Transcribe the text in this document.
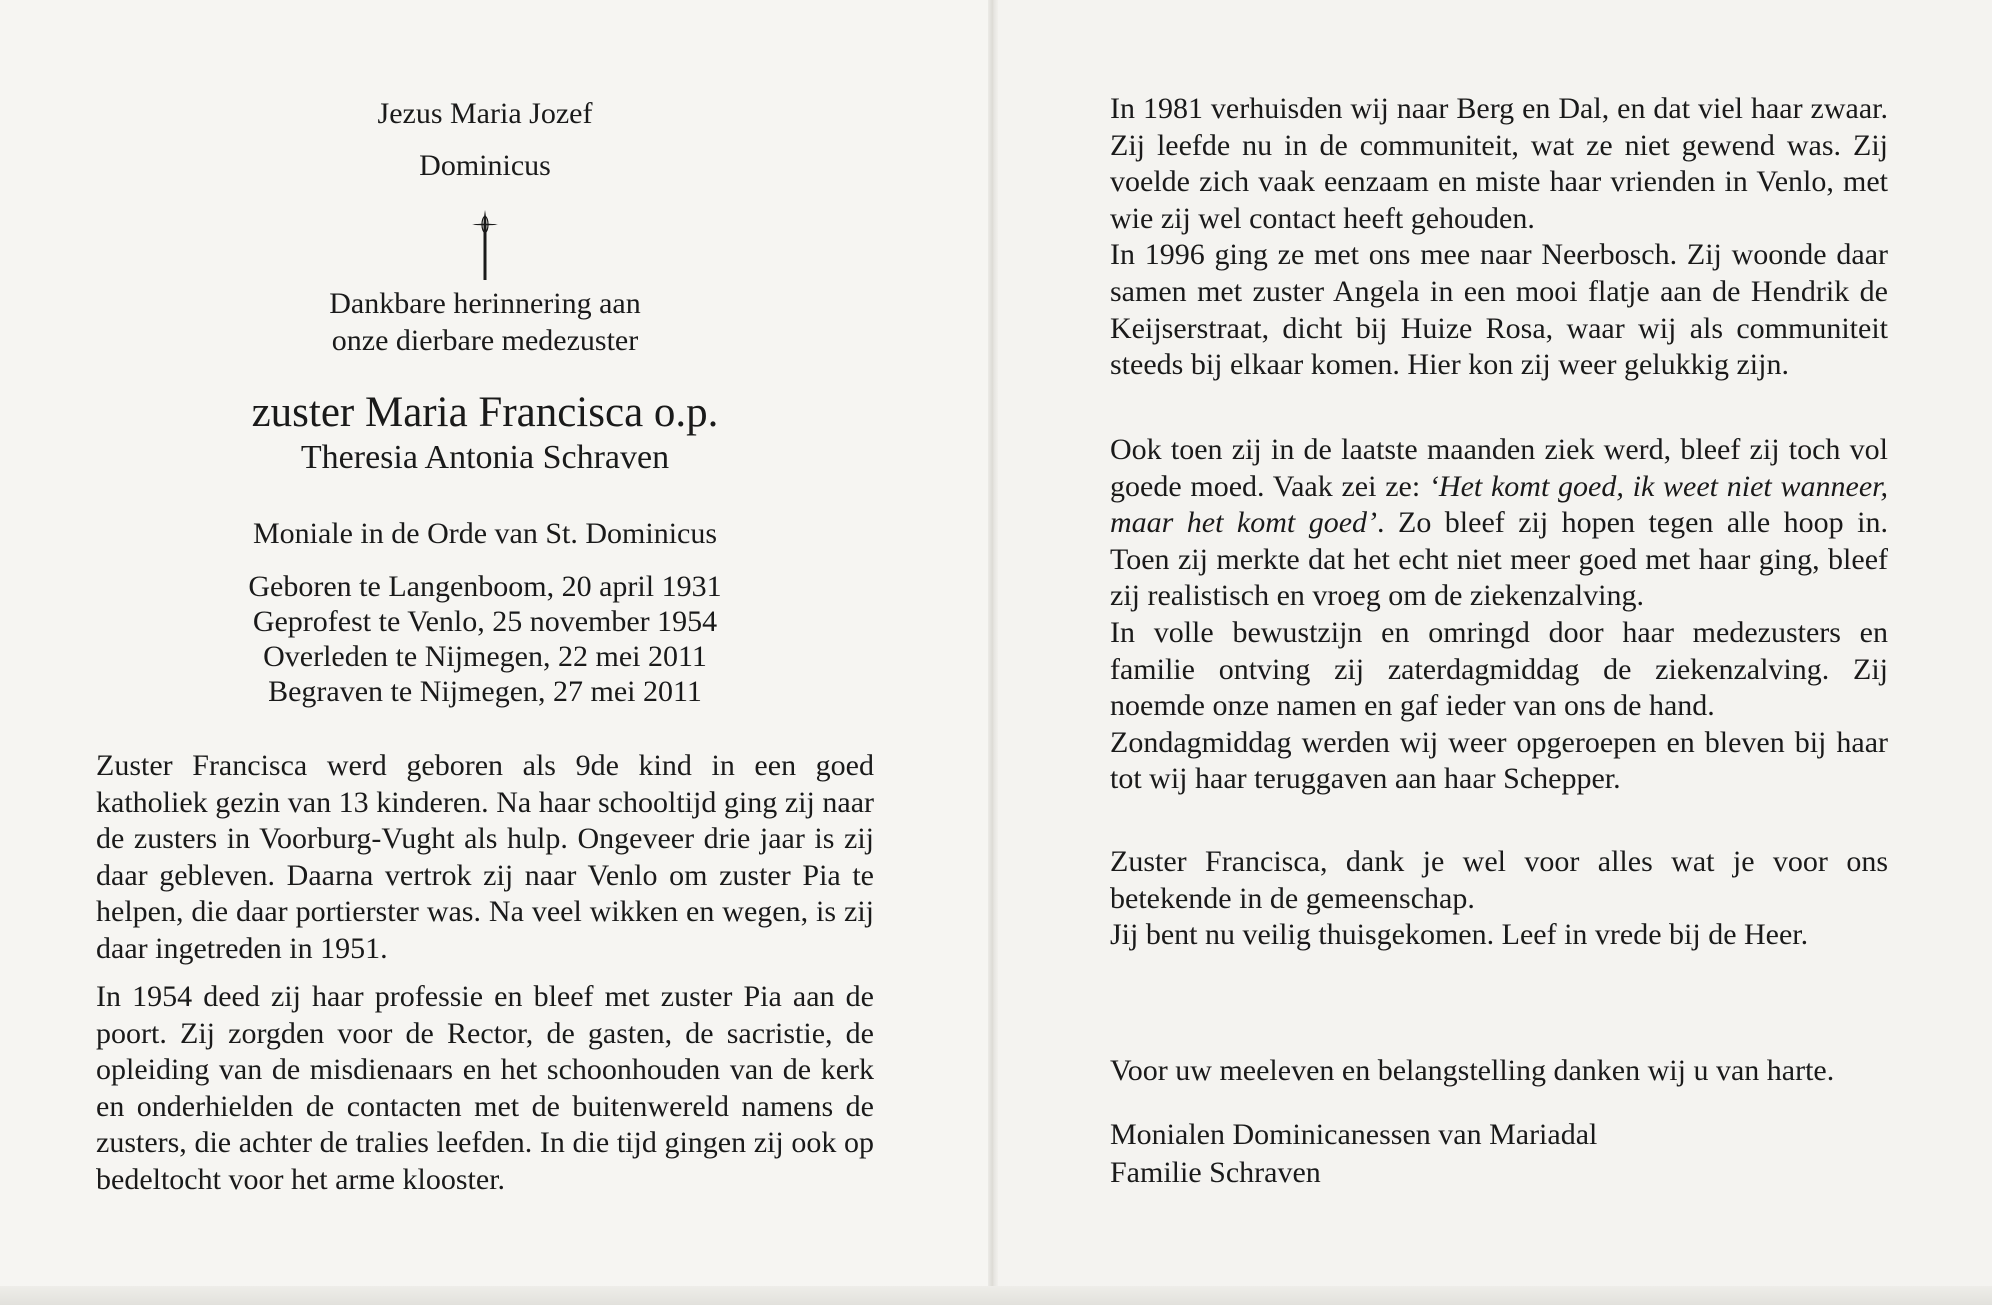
Jezus Maria Jozef
Dominicus
Dankbare herinnering aan
onze dierbare medezuster
zuster Maria Francisca o.p.
Theresia Antonia Schraven
Moniale in de Orde van St. Dominicus
Geboren te Langenboom, 20 april 1931
Geprofest te Venlo, 25 november 1954
Overleden te Nijmegen, 22 mei 2011
Begraven te Nijmegen, 27 mei 2011

Zuster Francisca werd geboren als 9de kind in een goed katholiek gezin van 13 kinderen. Na haar schooltijd ging zij naar de zusters in Voorburg-Vught als hulp. Ongeveer drie jaar is zij daar gebleven. Daarna vertrok zij naar Venlo om zuster Pia te helpen, die daar portierster was. Na veel wikken en wegen, is zij daar ingetreden in 1951.

In 1954 deed zij haar professie en bleef met zuster Pia aan de poort. Zij zorgden voor de Rector, de gasten, de sacristie, de opleiding van de misdienaars en het schoonhouden van de kerk en onderhielden de contacten met de buitenwereld namens de zusters, die achter de tralies leefden. In die tijd gingen zij ook op bedeltocht voor het arme klooster.

In 1981 verhuisden wij naar Berg en Dal, en dat viel haar zwaar. Zij leefde nu in de communiteit, wat ze niet gewend was. Zij voelde zich vaak eenzaam en miste haar vrienden in Venlo, met wie zij wel contact heeft gehouden.

In 1996 ging ze met ons mee naar Neerbosch. Zij woonde daar samen met zuster Angela in een mooi flatje aan de Hendrik de Keijserstraat, dicht bij Huize Rosa, waar wij als communiteit steeds bij elkaar komen. Hier kon zij weer gelukkig zijn.

Ook toen zij in de laatste maanden ziek werd, bleef zij toch vol goede moed. Vaak zei ze: ‘Het komt goed, ik weet niet wanneer, maar het komt goed’. Zo bleef zij hopen tegen alle hoop in. Toen zij merkte dat het echt niet meer goed met haar ging, bleef zij realistisch en vroeg om de ziekenzalving.

In volle bewustzijn en omringd door haar medezusters en familie ontving zij zaterdagmiddag de ziekenzalving. Zij noemde onze namen en gaf ieder van ons de hand.

Zondagmiddag werden wij weer opgeroepen en bleven bij haar tot wij haar teruggaven aan haar Schepper.

Zuster Francisca, dank je wel voor alles wat je voor ons betekende in de gemeenschap.

Jij bent nu veilig thuisgekomen. Leef in vrede bij de Heer.

Voor uw meeleven en belangstelling danken wij u van harte.
Monialen Dominicanessen van Mariadal
Familie Schraven
